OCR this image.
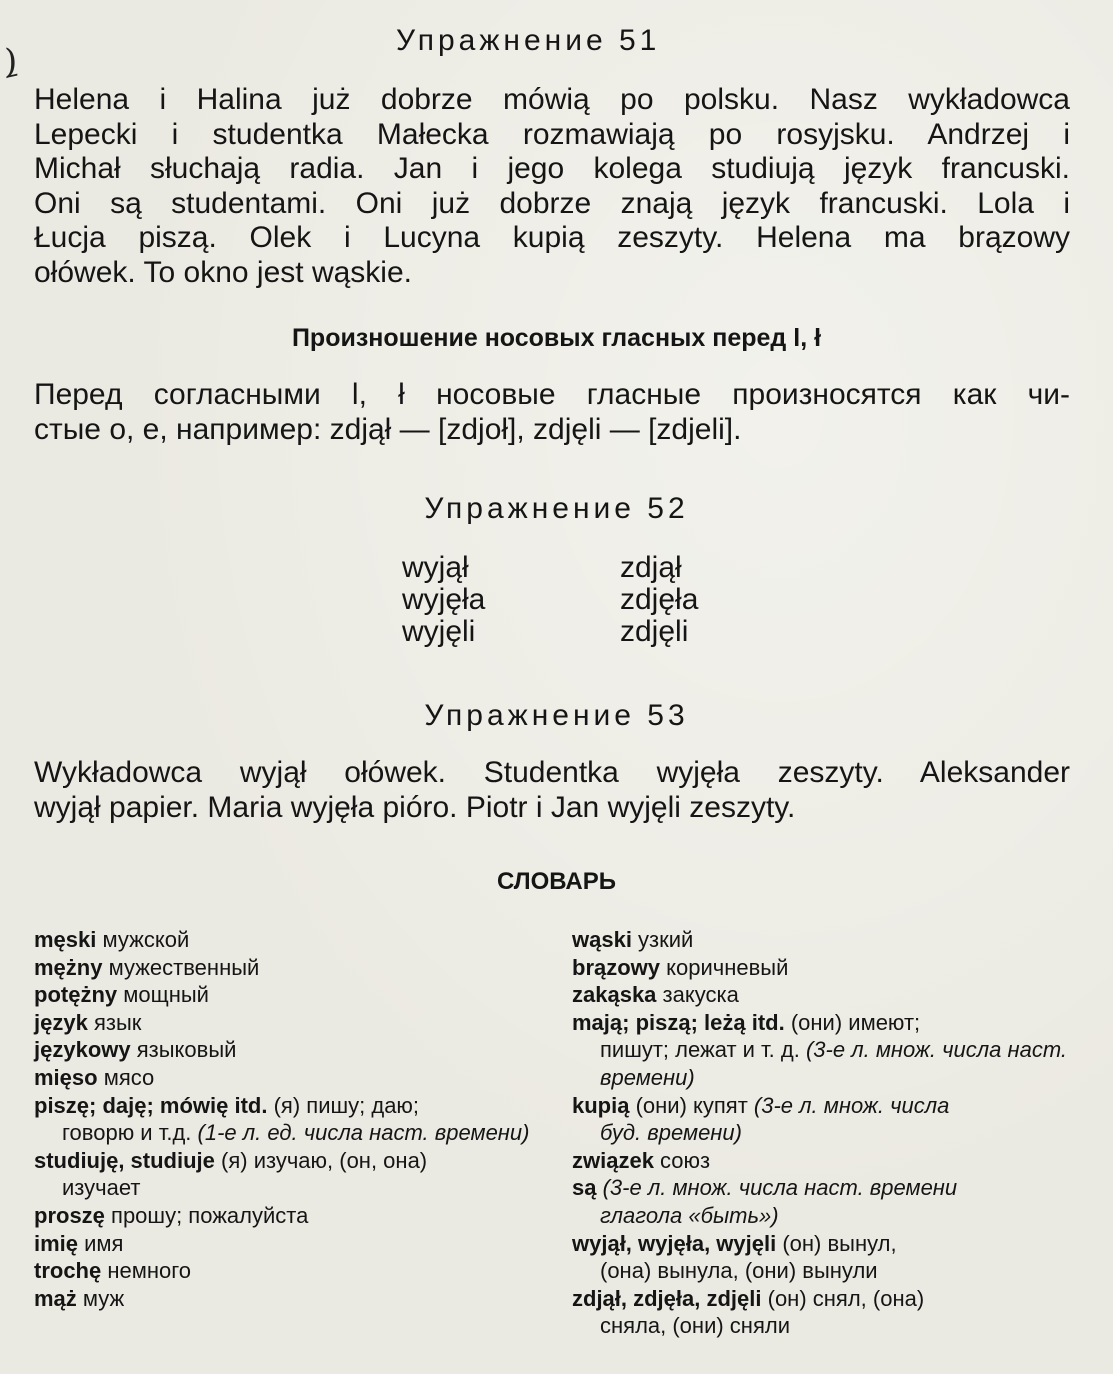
ِ)
Упражнение 51
Helena i Halina już dobrze mówią po polsku. Nasz wykładowca
Lepecki i studentka Małecka rozmawiają po rosyjsku. Andrzej i
Michał słuchają radia. Jan i jego kolega studiują język francuski.
Oni są studentami. Oni już dobrze znają język francuski. Lola i
Łucja piszą. Olek i Lucyna kupią zeszyty. Helena ma brązowy
ołówek. To okno jest wąskie.
Произношение носовых гласных перед l, ł
Перед согласными l, ł носовые гласные произносятся как чи-
стые о, е, например: zdjął — [zdjoł], zdjęli — [zdjeli].
Упражнение 52
wyjął
wyjęła
wyjęli
zdjął
zdjęła
zdjęli
Упражнение 53
Wykładowca wyjął ołówek. Studentka wyjęła zeszyty. Aleksander
wyjął papier. Maria wyjęła pióro. Piotr i Jan wyjęli zeszyty.
СЛОВАРЬ
męski мужской
mężny мужественный
potężny мощный
język язык
językowy языковый
mięso мясо
piszę; daję; mówię itd. (я) пишу; даю;
говорю и т.д. (1-е л. ед. числа наст. времени)
studiuję, studiuje (я) изучаю, (он, она)
изучает
proszę прошу; пожалуйста
imię имя
trochę немного
mąż муж
wąski узкий
brązowy коричневый
zakąska закуска
mają; piszą; leżą itd. (они) имеют;
пишут; лежат и т. д. (3-е л. множ. числа наст. времени)
kupią (они) купят (3-е л. множ. числа
буд. времени)
związek союз
są (3-е л. множ. числа наст. времени
глагола «быть»)
wyjął, wyjęła, wyjęli (он) вынул,
(она) вынула, (они) вынули
zdjął, zdjęła, zdjęli (он) снял, (она)
сняла, (они) сняли
